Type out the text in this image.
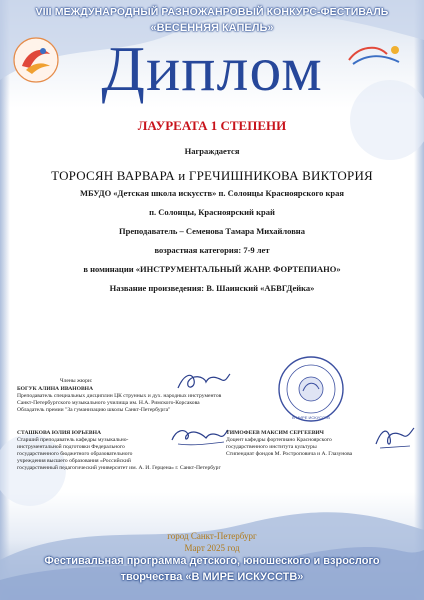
VIII МЕЖДУНАРОДНЫЙ РАЗНОЖАНРОВЫЙ КОНКУРС-ФЕСТИВАЛЬ
«ВЕСЕННЯЯ КАПЕЛЬ»
Диплом
ЛАУРЕАТА 1 СТЕПЕНИ
Награждается
ТОРОСЯН ВАРВАРА и ГРЕЧИШНИКОВА ВИКТОРИЯ
МБУДО «Детская школа искусств» п. Солонцы Красноярского края
п. Солонцы, Красноярский край
Преподаватель – Семенова Тамара Михайловна
возрастная категория: 7-9 лет
в номинации «ИНСТРУМЕНТАЛЬНЫЙ ЖАНР. ФОРТЕПИАНО»
Название произведения: В. Шаинский «АБВГДейка»
Члены жюри:
БОГУК АЛИНА ИВАНОВНА
Преподаватель специальных дисциплин ЦК струнных и дух. народных инструментов
Санкт-Петербургского музыкального училища им. Н.А. Римского-Корсакова
Обладатель премии "За гуманизацию школы Санкт-Петербурга"
СТАШКОВА ЮЛИЯ ЮРЬЕВНА
Старший преподаватель кафедры музыкально-
инструментальной подготовки Федерального
государственного бюджетного образовательного
учреждения высшего образования «Российский
государственный педагогический университет им. А. И. Герцена» г. Санкт-Петербург
В МИРЕ ИСКУССТВ
ТИМОФЕЕВ МАКСИМ СЕРГЕЕВИЧ
Доцент кафедры фортепиано Красноярского
государственного института культуры
Стипендиат фондов М. Ростроповича и А. Глазунова
город Санкт-Петербург
Март 2025 год
Фестивальная программа детского, юношеского и взрослого
творчества «В МИРЕ ИСКУССТВ»
